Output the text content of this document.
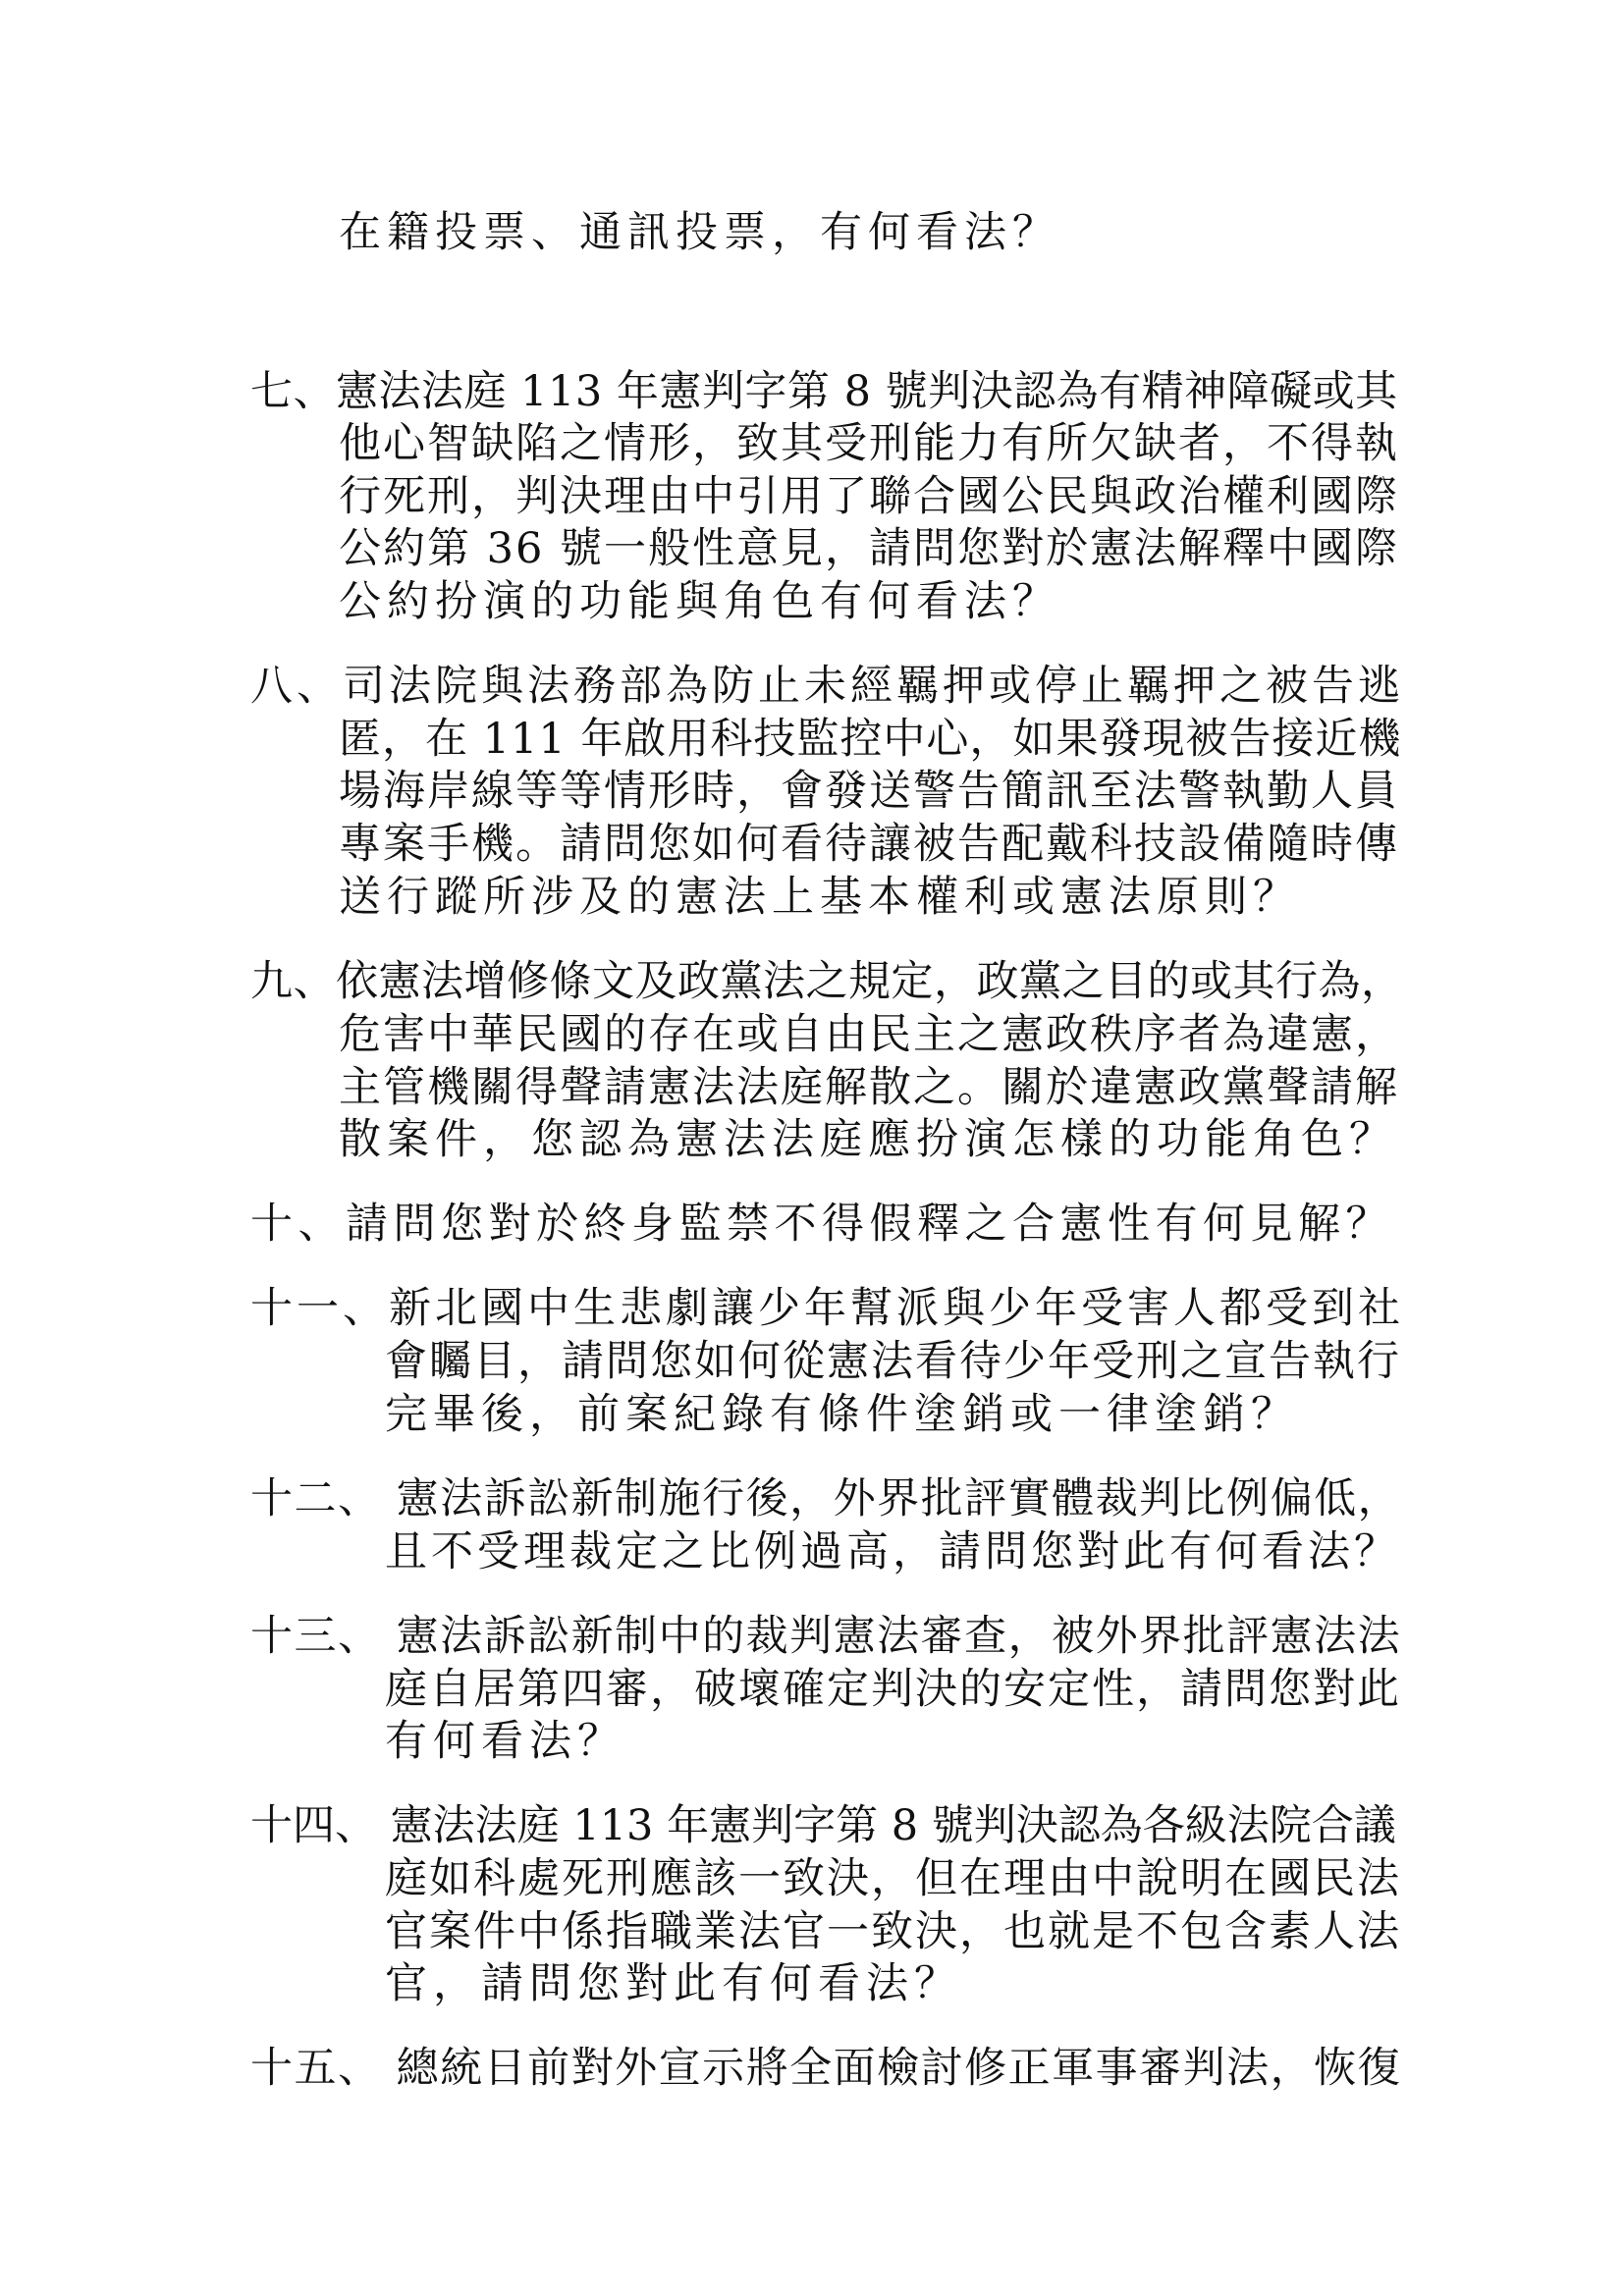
在籍投票、通訊投票，有何看法？

七、憲法法庭 113 年憲判字第 8 號判決認為有精神障礙或其

他心智缺陷之情形，致其受刑能力有所欠缺者，不得執

行死刑，判決理由中引用了聯合國公民與政治權利國際

公約第 36 號一般性意見，請問您對於憲法解釋中國際

公約扮演的功能與角色有何看法？

八、司法院與法務部為防止未經羈押或停止羈押之被告逃

匿，在 111 年啟用科技監控中心，如果發現被告接近機

場海岸線等等情形時，會發送警告簡訊至法警執勤人員

專案手機。請問您如何看待讓被告配戴科技設備隨時傳

送行蹤所涉及的憲法上基本權利或憲法原則？

九、依憲法增修條文及政黨法之規定，政黨之目的或其行為，

危害中華民國的存在或自由民主之憲政秩序者為違憲，

主管機關得聲請憲法法庭解散之。關於違憲政黨聲請解

散案件，您認為憲法法庭應扮演怎樣的功能角色？

十、請問您對於終身監禁不得假釋之合憲性有何見解？

十一、新北國中生悲劇讓少年幫派與少年受害人都受到社

會矚目，請問您如何從憲法看待少年受刑之宣告執行

完畢後，前案紀錄有條件塗銷或一律塗銷？

十二、 憲法訴訟新制施行後，外界批評實體裁判比例偏低，

且不受理裁定之比例過高，請問您對此有何看法？

十三、 憲法訴訟新制中的裁判憲法審查，被外界批評憲法法

庭自居第四審，破壞確定判決的安定性，請問您對此

有何看法？

十四、 憲法法庭 113 年憲判字第 8 號判決認為各級法院合議

庭如科處死刑應該一致決，但在理由中說明在國民法

官案件中係指職業法官一致決，也就是不包含素人法

官，請問您對此有何看法？

十五、 總統日前對外宣示將全面檢討修正軍事審判法，恢復
